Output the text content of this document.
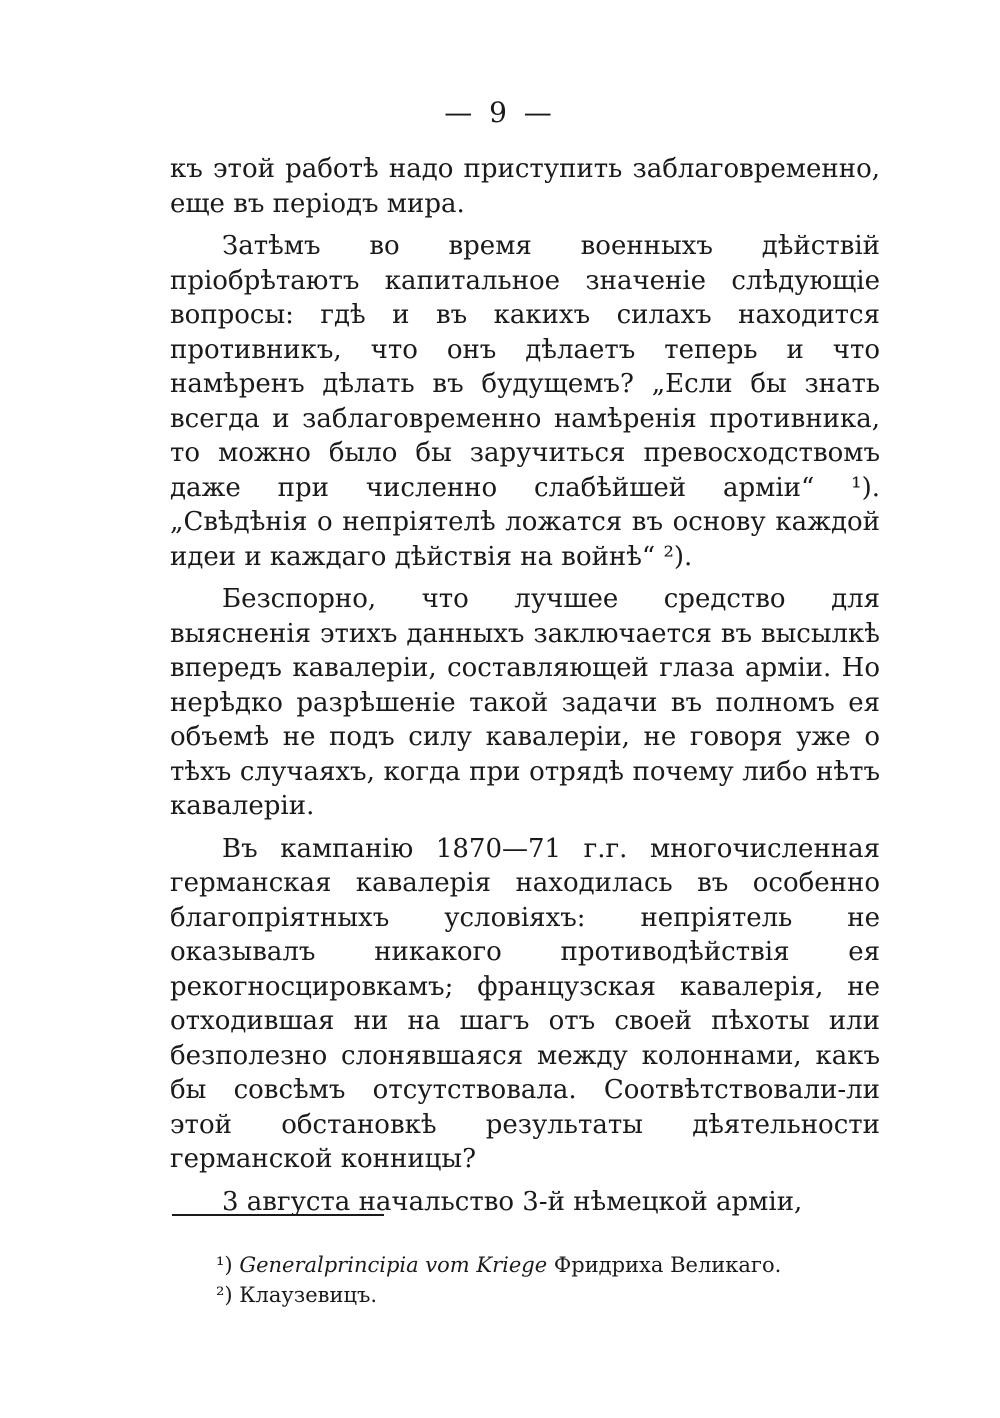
— 9 —

къ этой работѣ надо приступить заблаговременно, еще въ періодъ мира.

Затѣмъ во время военныхъ дѣйствій пріобрѣтаютъ капитальное значеніе слѣдующіе вопросы: гдѣ и въ какихъ силахъ находится противникъ, что онъ дѣлаетъ теперь и что намѣренъ дѣлать въ будущемъ? „Если бы знать всегда и заблаговременно намѣренія противника, то можно было бы заручиться превосходствомъ даже при численно слабѣйшей арміи“ ¹). „Свѣдѣнія о непріятелѣ ложатся въ основу каждой идеи и каждаго дѣйствія на войнѣ“ ²).

Безспорно, что лучшее средство для выясненія этихъ данныхъ заключается въ высылкѣ впередъ кавалеріи, составляющей глаза арміи. Но нерѣдко разрѣшеніе такой задачи въ полномъ ея объемѣ не подъ силу кавалеріи, не говоря уже о тѣхъ случаяхъ, когда при отрядѣ почему либо нѣтъ кавалеріи.

Въ кампанію 1870—71 г.г. многочисленная германская кавалерія находилась въ особенно благопріятныхъ условіяхъ: непріятель не оказывалъ никакого противодѣйствія ея рекогносцировкамъ; французская кавалерія, не отходившая ни на шагъ отъ своей пѣхоты или безполезно слонявшаяся между колоннами, какъ бы совсѣмъ отсутствовала. Соотвѣтствовали-ли этой обстановкѣ результаты дѣятельности германской конницы?

3 августа начальство 3-й нѣмецкой арміи,

¹) Generalprincipia vom Kriege Фридриха Великаго.
²) Клаузевицъ.
